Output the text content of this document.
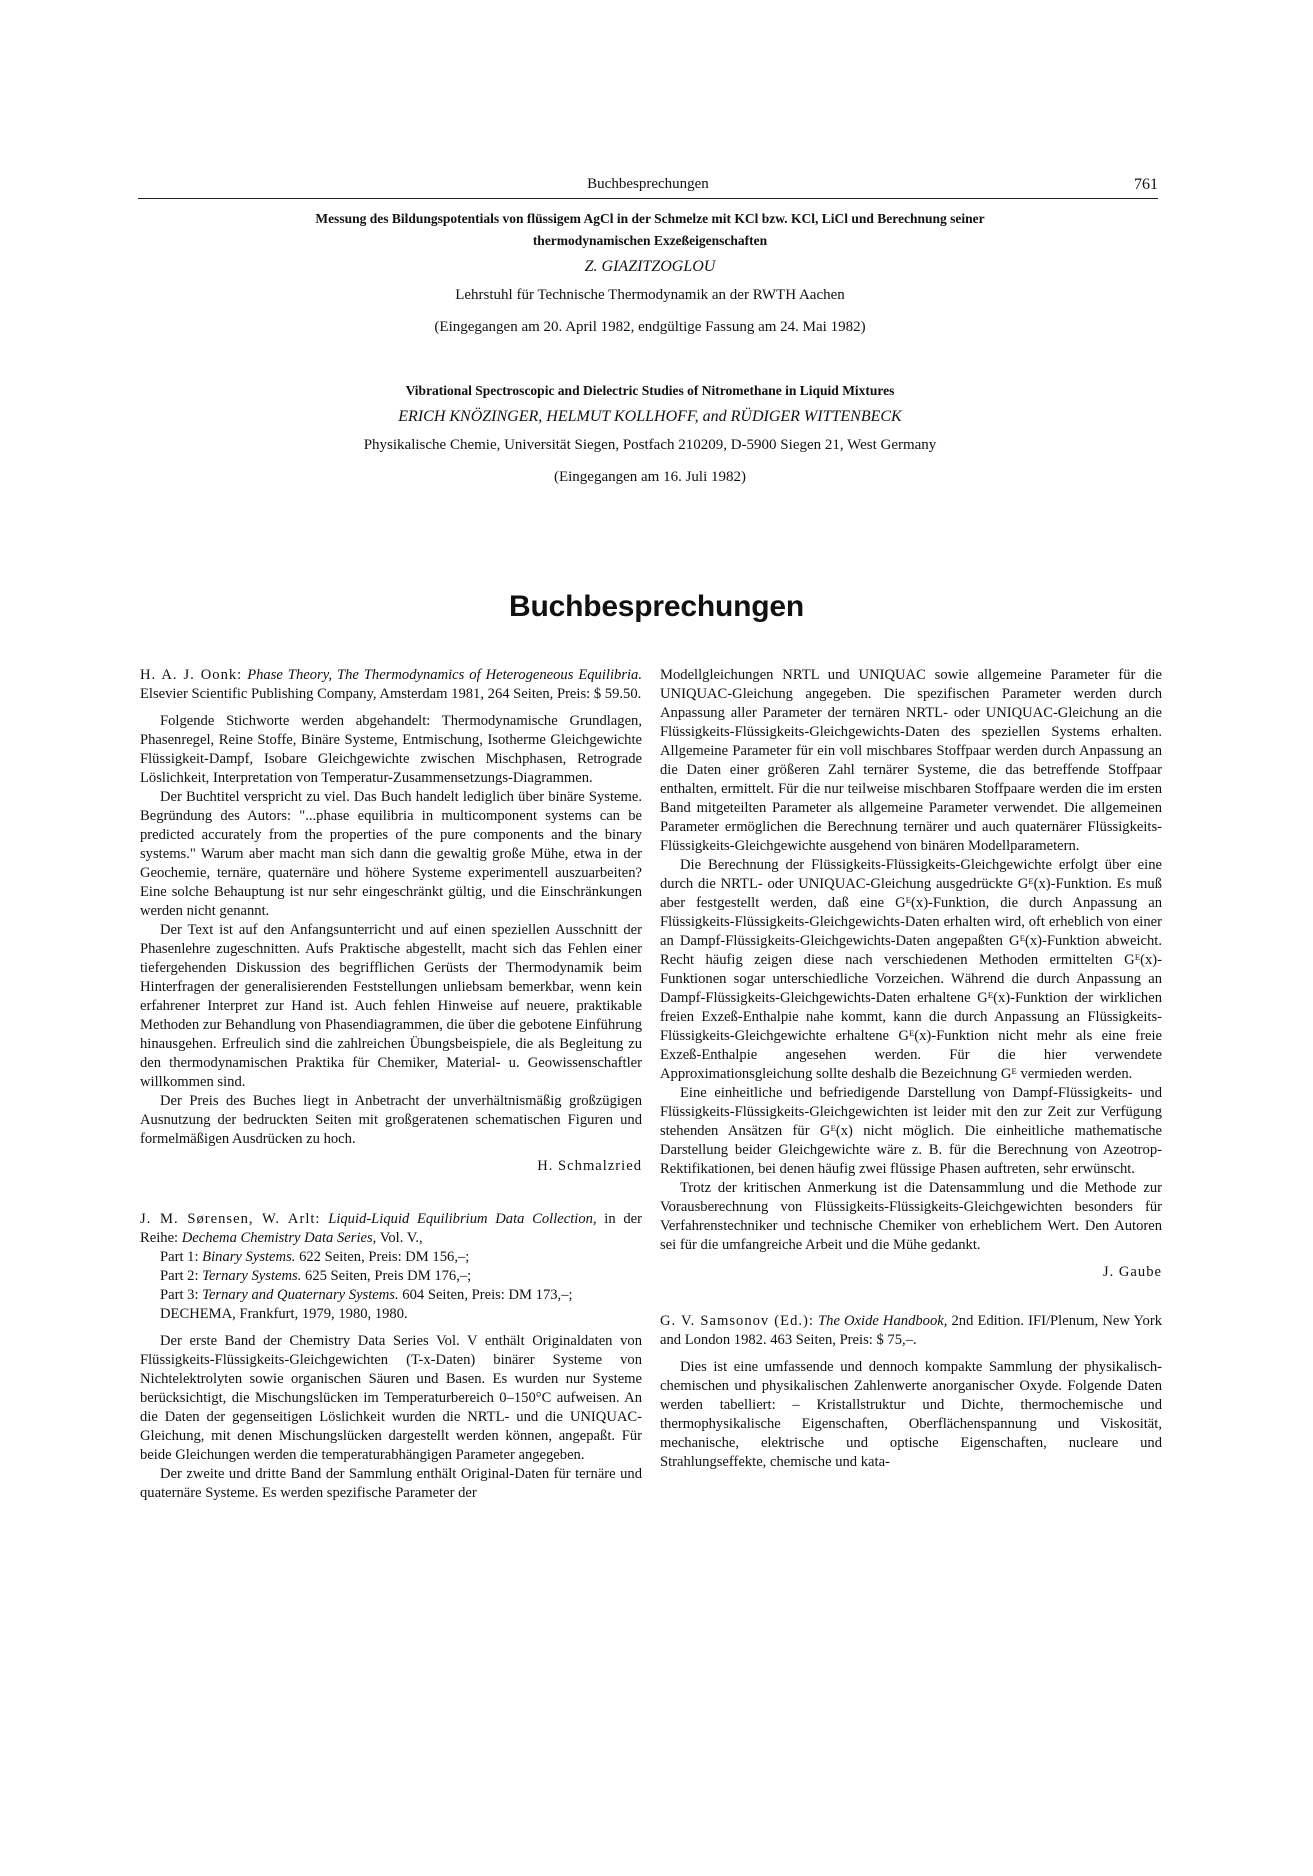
Buchbesprechungen	761
Messung des Bildungspotentials von flüssigem AgCl in der Schmelze mit KCl bzw. KCl, LiCl und Berechnung seiner
thermodynamischen Exzeßeigenschaften
Z. GIAZITZOGLOU
Lehrstuhl für Technische Thermodynamik an der RWTH Aachen
(Eingegangen am 20. April 1982, endgültige Fassung am 24. Mai 1982)
Vibrational Spectroscopic and Dielectric Studies of Nitromethane in Liquid Mixtures
ERICH KNÖZINGER, HELMUT KOLLHOFF, and RÜDIGER WITTENBECK
Physikalische Chemie, Universität Siegen, Postfach 210209, D-5900 Siegen 21, West Germany
(Eingegangen am 16. Juli 1982)
Buchbesprechungen

H. A. J. Oonk: Phase Theory, The Thermodynamics of Heterogeneous Equilibria. Elsevier Scientific Publishing Company, Amsterdam 1981, 264 Seiten, Preis: $ 59.50.

Folgende Stichworte werden abgehandelt: Thermodynamische Grundlagen, Phasenregel, Reine Stoffe, Binäre Systeme, Entmischung, Isotherme Gleichgewichte Flüssigkeit-Dampf, Isobare Gleichgewichte zwischen Mischphasen, Retrograde Löslichkeit, Interpretation von Temperatur-Zusammensetzungs-Diagrammen.

Der Buchtitel verspricht zu viel. Das Buch handelt lediglich über binäre Systeme. Begründung des Autors: "...phase equilibria in multicomponent systems can be predicted accurately from the properties of the pure components and the binary systems." Warum aber macht man sich dann die gewaltig große Mühe, etwa in der Geochemie, ternäre, quaternäre und höhere Systeme experimentell auszuarbeiten? Eine solche Behauptung ist nur sehr eingeschränkt gültig, und die Einschränkungen werden nicht genannt.

Der Text ist auf den Anfangsunterricht und auf einen speziellen Ausschnitt der Phasenlehre zugeschnitten. Aufs Praktische abgestellt, macht sich das Fehlen einer tiefergehenden Diskussion des begrifflichen Gerüsts der Thermodynamik beim Hinterfragen der generalisierenden Feststellungen unliebsam bemerkbar, wenn kein erfahrener Interpret zur Hand ist. Auch fehlen Hinweise auf neuere, praktikable Methoden zur Behandlung von Phasendiagrammen, die über die gebotene Einführung hinausgehen. Erfreulich sind die zahlreichen Übungsbeispiele, die als Begleitung zu den thermodynamischen Praktika für Chemiker, Material- u. Geowissenschaftler willkommen sind.

Der Preis des Buches liegt in Anbetracht der unverhältnismäßig großzügigen Ausnutzung der bedruckten Seiten mit großgeratenen schematischen Figuren und formelmäßigen Ausdrücken zu hoch.

H. Schmalzried

J. M. Sørensen, W. Arlt: Liquid-Liquid Equilibrium Data Collection, in der Reihe: Dechema Chemistry Data Series, Vol. V.,

Part 1: Binary Systems. 622 Seiten, Preis: DM 156,–;
Part 2: Ternary Systems. 625 Seiten, Preis DM 176,–;
Part 3: Ternary and Quaternary Systems. 604 Seiten, Preis: DM 173,–;

DECHEMA, Frankfurt, 1979, 1980, 1980.

Der erste Band der Chemistry Data Series Vol. V enthält Originaldaten von Flüssigkeits-Flüssigkeits-Gleichgewichten (T-x-Daten) binärer Systeme von Nichtelektrolyten sowie organischen Säuren und Basen. Es wurden nur Systeme berücksichtigt, die Mischungslücken im Temperaturbereich 0–150°C aufweisen. An die Daten der gegenseitigen Löslichkeit wurden die NRTL- und die UNIQUAC-Gleichung, mit denen Mischungslücken dargestellt werden können, angepaßt. Für beide Gleichungen werden die temperaturabhängigen Parameter angegeben.

Der zweite und dritte Band der Sammlung enthält Original-Daten für ternäre und quaternäre Systeme. Es werden spezifische Parameter der

Modellgleichungen NRTL und UNIQUAC sowie allgemeine Parameter für die UNIQUAC-Gleichung angegeben. Die spezifischen Parameter werden durch Anpassung aller Parameter der ternären NRTL- oder UNIQUAC-Gleichung an die Flüssigkeits-Flüssigkeits-Gleichgewichts-Daten des speziellen Systems erhalten. Allgemeine Parameter für ein voll mischbares Stoffpaar werden durch Anpassung an die Daten einer größeren Zahl ternärer Systeme, die das betreffende Stoffpaar enthalten, ermittelt. Für die nur teilweise mischbaren Stoffpaare werden die im ersten Band mitgeteilten Parameter als allgemeine Parameter verwendet. Die allgemeinen Parameter ermöglichen die Berechnung ternärer und auch quaternärer Flüssigkeits-Flüssigkeits-Gleichgewichte ausgehend von binären Modellparametern.

Die Berechnung der Flüssigkeits-Flüssigkeits-Gleichgewichte erfolgt über eine durch die NRTL- oder UNIQUAC-Gleichung ausgedrückte Gᴱ(x)-Funktion. Es muß aber festgestellt werden, daß eine Gᴱ(x)-Funktion, die durch Anpassung an Flüssigkeits-Flüssigkeits-Gleichgewichts-Daten erhalten wird, oft erheblich von einer an Dampf-Flüssigkeits-Gleichgewichts-Daten angepaßten Gᴱ(x)-Funktion abweicht. Recht häufig zeigen diese nach verschiedenen Methoden ermittelten Gᴱ(x)-Funktionen sogar unterschiedliche Vorzeichen. Während die durch Anpassung an Dampf-Flüssigkeits-Gleichgewichts-Daten erhaltene Gᴱ(x)-Funktion der wirklichen freien Exzeß-Enthalpie nahe kommt, kann die durch Anpassung an Flüssigkeits-Flüssigkeits-Gleichgewichte erhaltene Gᴱ(x)-Funktion nicht mehr als eine freie Exzeß-Enthalpie angesehen werden. Für die hier verwendete Approximationsgleichung sollte deshalb die Bezeichnung Gᴱ vermieden werden.

Eine einheitliche und befriedigende Darstellung von Dampf-Flüssigkeits- und Flüssigkeits-Flüssigkeits-Gleichgewichten ist leider mit den zur Zeit zur Verfügung stehenden Ansätzen für Gᴱ(x) nicht möglich. Die einheitliche mathematische Darstellung beider Gleichgewichte wäre z. B. für die Berechnung von Azeotrop-Rektifikationen, bei denen häufig zwei flüssige Phasen auftreten, sehr erwünscht.

Trotz der kritischen Anmerkung ist die Datensammlung und die Methode zur Vorausberechnung von Flüssigkeits-Flüssigkeits-Gleichgewichten besonders für Verfahrenstechniker und technische Chemiker von erheblichem Wert. Den Autoren sei für die umfangreiche Arbeit und die Mühe gedankt.

J. Gaube

G. V. Samsonov (Ed.): The Oxide Handbook, 2nd Edition. IFI/Plenum, New York and London 1982. 463 Seiten, Preis: $ 75,–.

Dies ist eine umfassende und dennoch kompakte Sammlung der physikalisch-chemischen und physikalischen Zahlenwerte anorganischer Oxyde. Folgende Daten werden tabelliert: – Kristallstruktur und Dichte, thermochemische und thermophysikalische Eigenschaften, Oberflächenspannung und Viskosität, mechanische, elektrische und optische Eigenschaften, nucleare und Strahlungseffekte, chemische und kata-
